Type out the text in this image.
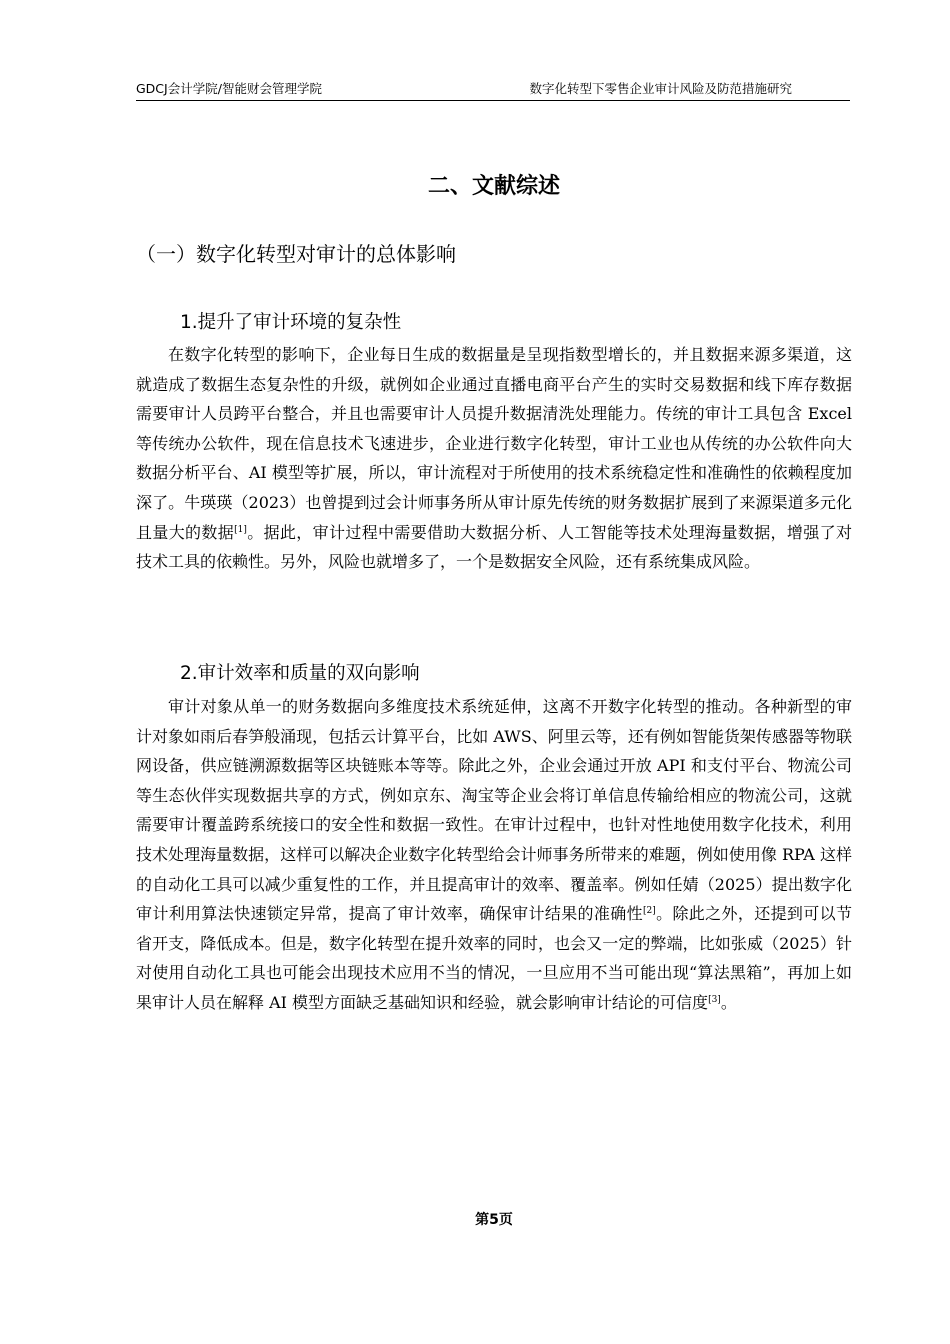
GDCJ会计学院/智能财会管理学院	数字化转型下零售企业审计风险及防范措施研究
二、文献综述
（一）数字化转型对审计的总体影响
1.提升了审计环境的复杂性

在数字化转型的影响下，企业每日生成的数据量是呈现指数型增长的，并且数据来源多渠道，这就造成了数据生态复杂性的升级，就例如企业通过直播电商平台产生的实时交易数据和线下库存数据需要审计人员跨平台整合，并且也需要审计人员提升数据清洗处理能力。传统的审计工具包含 Excel 等传统办公软件，现在信息技术飞速进步，企业进行数字化转型，审计工业也从传统的办公软件向大数据分析平台、AI 模型等扩展，所以，审计流程对于所使用的技术系统稳定性和准确性的依赖程度加深了。牛瑛瑛（2023）也曾提到过会计师事务所从审计原先传统的财务数据扩展到了来源渠道多元化且量大的数据[1]。据此，审计过程中需要借助大数据分析、人工智能等技术处理海量数据，增强了对技术工具的依赖性。另外，风险也就增多了，一个是数据安全风险，还有系统集成风险。

2.审计效率和质量的双向影响

审计对象从单一的财务数据向多维度技术系统延伸，这离不开数字化转型的推动。各种新型的审计对象如雨后春笋般涌现，包括云计算平台，比如 AWS、阿里云等，还有例如智能货架传感器等物联网设备，供应链溯源数据等区块链账本等等。除此之外，企业会通过开放 API 和支付平台、物流公司等生态伙伴实现数据共享的方式，例如京东、淘宝等企业会将订单信息传输给相应的物流公司，这就需要审计覆盖跨系统接口的安全性和数据一致性。在审计过程中，也针对性地使用数字化技术，利用技术处理海量数据，这样可以解决企业数字化转型给会计师事务所带来的难题，例如使用像 RPA 这样的自动化工具可以减少重复性的工作，并且提高审计的效率、覆盖率。例如任婧（2025）提出数字化审计利用算法快速锁定异常，提高了审计效率，确保审计结果的准确性[2]。除此之外，还提到可以节省开支，降低成本。但是，数字化转型在提升效率的同时，也会又一定的弊端，比如张威（2025）针对使用自动化工具也可能会出现技术应用不当的情况，一旦应用不当可能出现“算法黑箱”，再加上如果审计人员在解释 AI 模型方面缺乏基础知识和经验，就会影响审计结论的可信度[3]。

第5页
